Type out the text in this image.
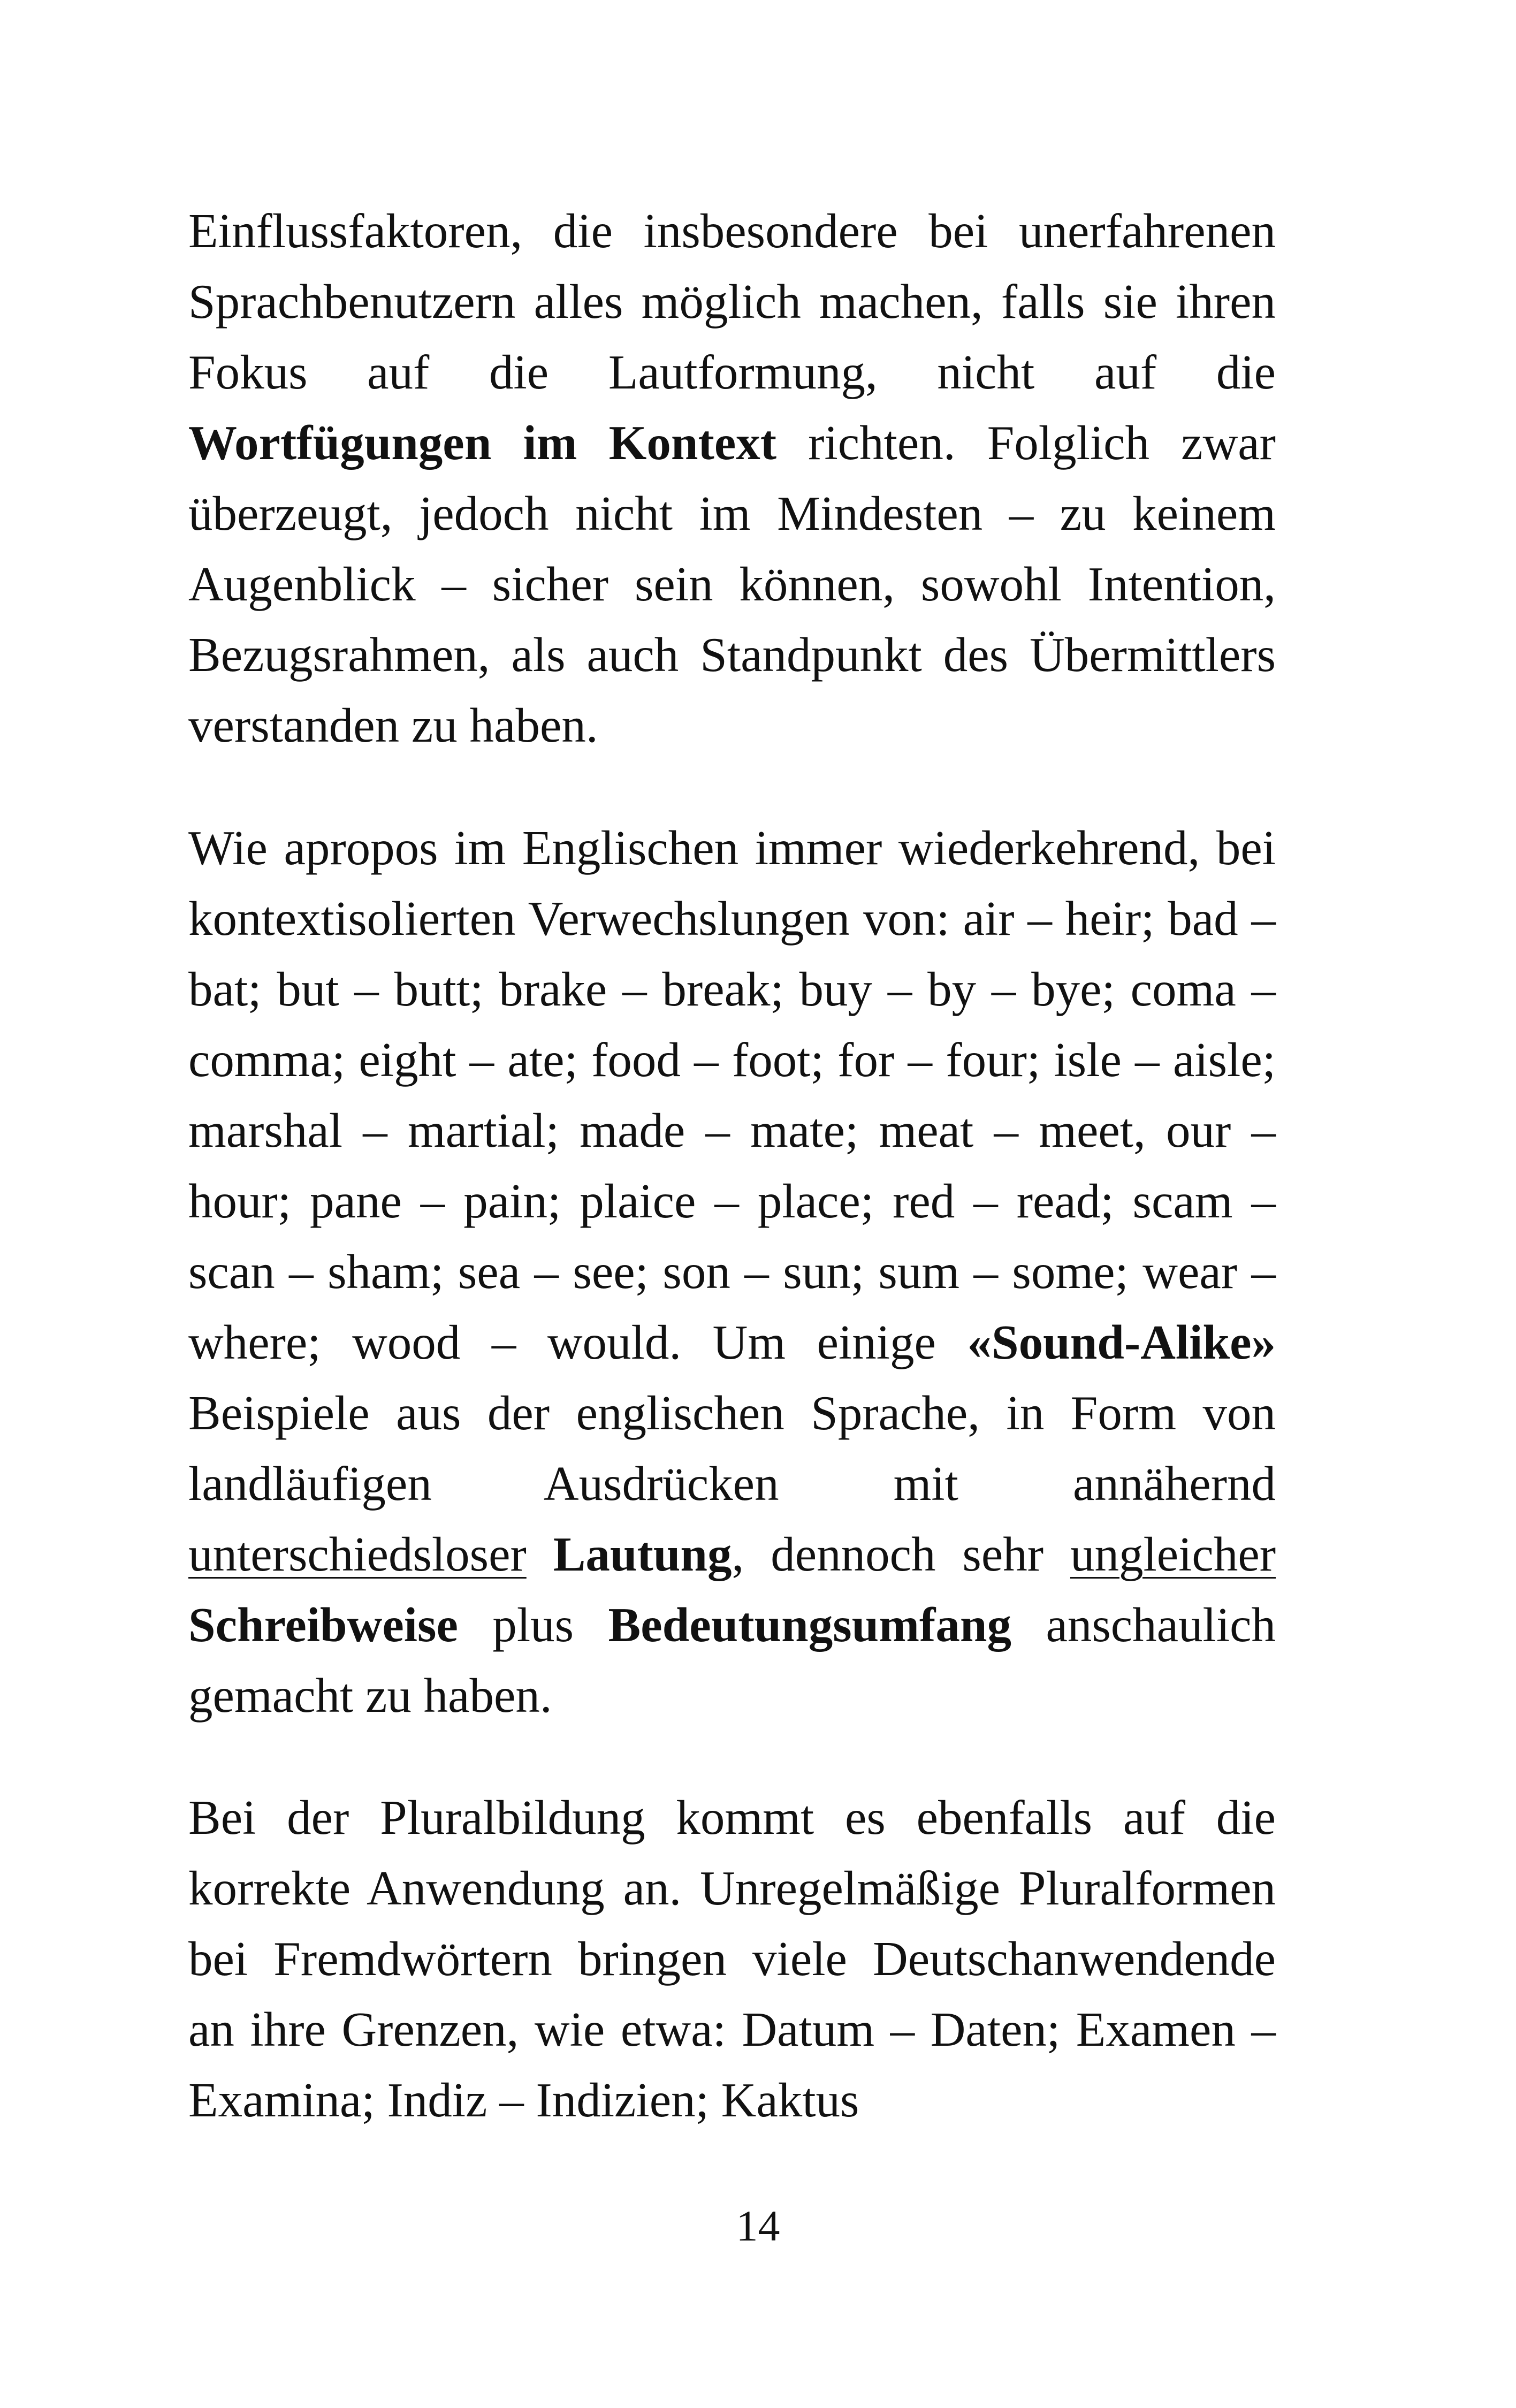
Einflussfaktoren, die insbesondere bei unerfahrenen Sprachbenutzern alles möglich machen, falls sie ihren Fokus auf die Lautformung, nicht auf die Wortfügungen im Kontext richten. Folglich zwar überzeugt, jedoch nicht im Mindesten – zu keinem Augenblick – sicher sein können, sowohl Intention, Bezugsrahmen, als auch Standpunkt des Übermittlers verstanden zu haben.

Wie apropos im Englischen immer wiederkehrend, bei kontextisolierten Verwechslungen von: air – heir; bad – bat; but – butt; brake – break; buy – by – bye; coma – comma; eight – ate; food – foot; for – four; isle – aisle; marshal – martial; made – mate; meat – meet, our – hour; pane – pain; plaice – place; red – read; scam – scan – sham; sea – see; son – sun; sum – some; wear – where; wood – would. Um einige «Sound-Alike» Beispiele aus der englischen Sprache, in Form von landläufigen Ausdrücken mit annähernd unterschiedsloser Lautung, dennoch sehr ungleicher Schreibweise plus Bedeutungsumfang anschaulich gemacht zu haben.

Bei der Pluralbildung kommt es ebenfalls auf die korrekte Anwendung an. Unregelmäßige Pluralformen bei Fremdwörtern bringen viele Deutschanwendende an ihre Grenzen, wie etwa: Datum – Daten; Examen – Examina; Indiz – Indizien; Kaktus

14
